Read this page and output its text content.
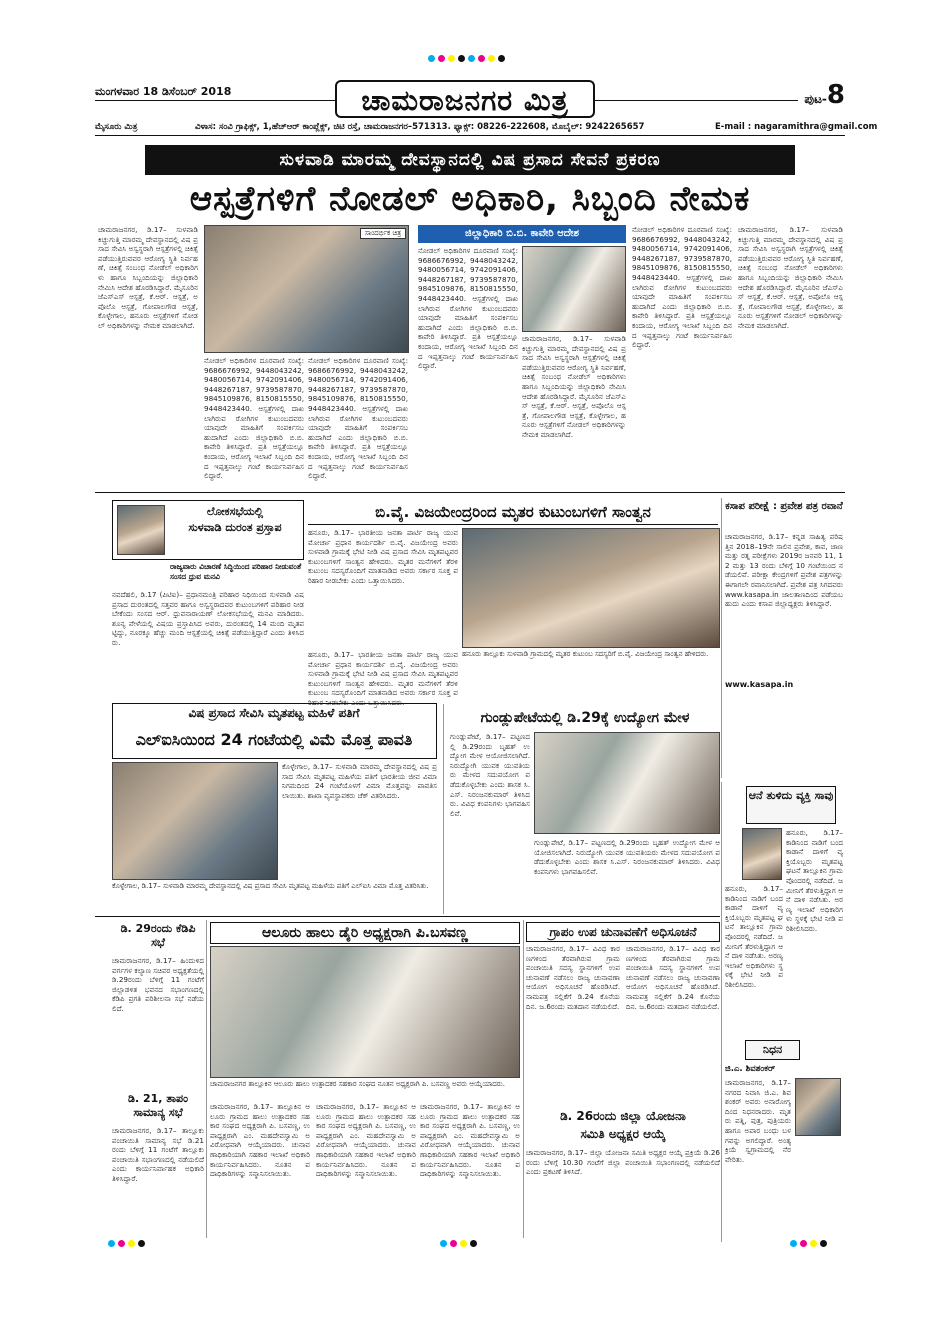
ಮಂಗಳವಾರ 18 ಡಿಸೆಂಬರ್ 2018	ಚಾಮರಾಜನಗರ ಮಿತ್ರ	ಪುಟ-8
ಮೈಸೂರು ಮಿತ್ರ	ವಿಳಾಸ: ಸಂವಿ ಗ್ರಾಫಿಕ್ಸ್, 1,ಹೆಚ್‌ಆರ್ ಕಾಂಪ್ಲೆಕ್ಸ್, ಚಿಟಿ ರಸ್ತೆ, ಚಾಮರಾಜನಗರ–571313. ಫ್ಯಾಕ್ಸ್: 08226-222608, ಮೊಬೈಲ್: 9242265657	E-mail : nagaramithra@gmail.com
ಸುಳವಾಡಿ ಮಾರಮ್ಮ ದೇವಸ್ಥಾನದಲ್ಲಿ ವಿಷ ಪ್ರಸಾದ ಸೇವನೆ ಪ್ರಕರಣ
ಆಸ್ಪತ್ರೆಗಳಿಗೆ ನೋಡಲ್ ಅಧಿಕಾರಿ, ಸಿಬ್ಬಂದಿ ನೇಮಕ
ಚಾಮರಾಜನಗರ, ಡಿ.17– ಸುಳವಾಡಿ ಕಿಚ್ಚುಗುತ್ತಿ ಮಾರಮ್ಮ ದೇವಸ್ಥಾನದಲ್ಲಿ ವಿಷ ಪ್ರಸಾದ ಸೇವಿಸಿ ಅಸ್ವಸ್ಥರಾಗಿ ಆಸ್ಪತ್ರೆಗಳಲ್ಲಿ ಚಿಕಿತ್ಸೆ ಪಡೆಯುತ್ತಿರುವವರ ಆರೋಗ್ಯ ಸ್ಥಿತಿ ನಿರ್ವಹಣೆ, ಚಿಕಿತ್ಸೆ ಸಂಬಂಧ ನೋಡೆಲ್ ಅಧಿಕಾರಿಗಳು ಹಾಗೂ ಸಿಬ್ಬಂದಿಯನ್ನು ಜಿಲ್ಲಾಧಿಕಾರಿ ನೇಮಿಸಿ ಆದೇಶ ಹೊರಡಿಸಿದ್ದಾರೆ. ಮೈಸೂರಿನ ಜೆಎಸ್‌ಎಸ್ ಆಸ್ಪತ್ರೆ, ಕೆ.ಆರ್. ಆಸ್ಪತ್ರೆ, ಅಪೊಲೊ ಆಸ್ಪತ್ರೆ, ಗೋಪಾಲಗೌಡ ಆಸ್ಪತ್ರೆ, ಕೊಳ್ಳೇಗಾಲ, ಹನೂರು ಆಸ್ಪತ್ರೆಗಳಿಗೆ ನೋಡಲ್ ಅಧಿಕಾರಿಗಳನ್ನು ನೇಮಕ ಮಾಡಲಾಗಿದೆ.
ಸಾಂದರ್ಭಿಕ ಚಿತ್ರ
ನೋಡಲ್ ಅಧಿಕಾರಿಗಳ ದೂರವಾಣಿ ಸಂಖ್ಯೆ: 9686676992, 9448043242, 9480056714, 9742091406, 9448267187, 9739587870, 9845109876, 8150815550, 9448423440. ಆಸ್ಪತ್ರೆಗಳಲ್ಲಿ ದಾಖಲಾಗಿರುವ ರೋಗಿಗಳ ಕುಟುಂಬದವರು ಯಾವುದೇ ಮಾಹಿತಿಗೆ ಸಂಪರ್ಕಿಸಬಹುದಾಗಿದೆ ಎಂದು ಜಿಲ್ಲಾಧಿಕಾರಿ ಬಿ.ಬಿ. ಕಾವೇರಿ ತಿಳಿಸಿದ್ದಾರೆ. ಪ್ರತಿ ಆಸ್ಪತ್ರೆಯಲ್ಲೂ ಕಂದಾಯ, ಆರೋಗ್ಯ ಇಲಾಖೆ ಸಿಬ್ಬಂದಿ ದಿನದ ಇಪ್ಪತ್ತನಾಲ್ಕು ಗಂಟೆ ಕಾರ್ಯನಿರ್ವಹಿಸಲಿದ್ದಾರೆ.
ನೋಡಲ್ ಅಧಿಕಾರಿಗಳ ದೂರವಾಣಿ ಸಂಖ್ಯೆ: 9686676992, 9448043242, 9480056714, 9742091406, 9448267187, 9739587870, 9845109876, 8150815550, 9448423440. ಆಸ್ಪತ್ರೆಗಳಲ್ಲಿ ದಾಖಲಾಗಿರುವ ರೋಗಿಗಳ ಕುಟುಂಬದವರು ಯಾವುದೇ ಮಾಹಿತಿಗೆ ಸಂಪರ್ಕಿಸಬಹುದಾಗಿದೆ ಎಂದು ಜಿಲ್ಲಾಧಿಕಾರಿ ಬಿ.ಬಿ. ಕಾವೇರಿ ತಿಳಿಸಿದ್ದಾರೆ. ಪ್ರತಿ ಆಸ್ಪತ್ರೆಯಲ್ಲೂ ಕಂದಾಯ, ಆರೋಗ್ಯ ಇಲಾಖೆ ಸಿಬ್ಬಂದಿ ದಿನದ ಇಪ್ಪತ್ತನಾಲ್ಕು ಗಂಟೆ ಕಾರ್ಯನಿರ್ವಹಿಸಲಿದ್ದಾರೆ.
ಜಿಲ್ಲಾಧಿಕಾರಿ ಬಿ.ಬಿ. ಕಾವೇರಿ ಆದೇಶ
ನೋಡಲ್ ಅಧಿಕಾರಿಗಳ ದೂರವಾಣಿ ಸಂಖ್ಯೆ: 9686676992, 9448043242, 9480056714, 9742091406, 9448267187, 9739587870, 9845109876, 8150815550, 9448423440. ಆಸ್ಪತ್ರೆಗಳಲ್ಲಿ ದಾಖಲಾಗಿರುವ ರೋಗಿಗಳ ಕುಟುಂಬದವರು ಯಾವುದೇ ಮಾಹಿತಿಗೆ ಸಂಪರ್ಕಿಸಬಹುದಾಗಿದೆ ಎಂದು ಜಿಲ್ಲಾಧಿಕಾರಿ ಬಿ.ಬಿ. ಕಾವೇರಿ ತಿಳಿಸಿದ್ದಾರೆ. ಪ್ರತಿ ಆಸ್ಪತ್ರೆಯಲ್ಲೂ ಕಂದಾಯ, ಆರೋಗ್ಯ ಇಲಾಖೆ ಸಿಬ್ಬಂದಿ ದಿನದ ಇಪ್ಪತ್ತನಾಲ್ಕು ಗಂಟೆ ಕಾರ್ಯನಿರ್ವಹಿಸಲಿದ್ದಾರೆ.
ಚಾಮರಾಜನಗರ, ಡಿ.17– ಸುಳವಾಡಿ ಕಿಚ್ಚುಗುತ್ತಿ ಮಾರಮ್ಮ ದೇವಸ್ಥಾನದಲ್ಲಿ ವಿಷ ಪ್ರಸಾದ ಸೇವಿಸಿ ಅಸ್ವಸ್ಥರಾಗಿ ಆಸ್ಪತ್ರೆಗಳಲ್ಲಿ ಚಿಕಿತ್ಸೆ ಪಡೆಯುತ್ತಿರುವವರ ಆರೋಗ್ಯ ಸ್ಥಿತಿ ನಿರ್ವಹಣೆ, ಚಿಕಿತ್ಸೆ ಸಂಬಂಧ ನೋಡೆಲ್ ಅಧಿಕಾರಿಗಳು ಹಾಗೂ ಸಿಬ್ಬಂದಿಯನ್ನು ಜಿಲ್ಲಾಧಿಕಾರಿ ನೇಮಿಸಿ ಆದೇಶ ಹೊರಡಿಸಿದ್ದಾರೆ. ಮೈಸೂರಿನ ಜೆಎಸ್‌ಎಸ್ ಆಸ್ಪತ್ರೆ, ಕೆ.ಆರ್. ಆಸ್ಪತ್ರೆ, ಅಪೊಲೊ ಆಸ್ಪತ್ರೆ, ಗೋಪಾಲಗೌಡ ಆಸ್ಪತ್ರೆ, ಕೊಳ್ಳೇಗಾಲ, ಹನೂರು ಆಸ್ಪತ್ರೆಗಳಿಗೆ ನೋಡಲ್ ಅಧಿಕಾರಿಗಳನ್ನು ನೇಮಕ ಮಾಡಲಾಗಿದೆ.
ನೋಡಲ್ ಅಧಿಕಾರಿಗಳ ದೂರವಾಣಿ ಸಂಖ್ಯೆ: 9686676992, 9448043242, 9480056714, 9742091406, 9448267187, 9739587870, 9845109876, 8150815550, 9448423440. ಆಸ್ಪತ್ರೆಗಳಲ್ಲಿ ದಾಖಲಾಗಿರುವ ರೋಗಿಗಳ ಕುಟುಂಬದವರು ಯಾವುದೇ ಮಾಹಿತಿಗೆ ಸಂಪರ್ಕಿಸಬಹುದಾಗಿದೆ ಎಂದು ಜಿಲ್ಲಾಧಿಕಾರಿ ಬಿ.ಬಿ. ಕಾವೇರಿ ತಿಳಿಸಿದ್ದಾರೆ. ಪ್ರತಿ ಆಸ್ಪತ್ರೆಯಲ್ಲೂ ಕಂದಾಯ, ಆರೋಗ್ಯ ಇಲಾಖೆ ಸಿಬ್ಬಂದಿ ದಿನದ ಇಪ್ಪತ್ತನಾಲ್ಕು ಗಂಟೆ ಕಾರ್ಯನಿರ್ವಹಿಸಲಿದ್ದಾರೆ.
ಚಾಮರಾಜನಗರ, ಡಿ.17– ಸುಳವಾಡಿ ಕಿಚ್ಚುಗುತ್ತಿ ಮಾರಮ್ಮ ದೇವಸ್ಥಾನದಲ್ಲಿ ವಿಷ ಪ್ರಸಾದ ಸೇವಿಸಿ ಅಸ್ವಸ್ಥರಾಗಿ ಆಸ್ಪತ್ರೆಗಳಲ್ಲಿ ಚಿಕಿತ್ಸೆ ಪಡೆಯುತ್ತಿರುವವರ ಆರೋಗ್ಯ ಸ್ಥಿತಿ ನಿರ್ವಹಣೆ, ಚಿಕಿತ್ಸೆ ಸಂಬಂಧ ನೋಡೆಲ್ ಅಧಿಕಾರಿಗಳು ಹಾಗೂ ಸಿಬ್ಬಂದಿಯನ್ನು ಜಿಲ್ಲಾಧಿಕಾರಿ ನೇಮಿಸಿ ಆದೇಶ ಹೊರಡಿಸಿದ್ದಾರೆ. ಮೈಸೂರಿನ ಜೆಎಸ್‌ಎಸ್ ಆಸ್ಪತ್ರೆ, ಕೆ.ಆರ್. ಆಸ್ಪತ್ರೆ, ಅಪೊಲೊ ಆಸ್ಪತ್ರೆ, ಗೋಪಾಲಗೌಡ ಆಸ್ಪತ್ರೆ, ಕೊಳ್ಳೇಗಾಲ, ಹನೂರು ಆಸ್ಪತ್ರೆಗಳಿಗೆ ನೋಡಲ್ ಅಧಿಕಾರಿಗಳನ್ನು ನೇಮಕ ಮಾಡಲಾಗಿದೆ.
ಲೋಕಸಭೆಯಲ್ಲಿ
ಸುಳವಾಡಿ ದುರಂತ ಪ್ರಸ್ತಾಪ
ರಾಜ್ಯವಾರು ವಿಚಾರಣೆ ಸಿದ್ಧಿಯಿಂದ ಪರಿಹಾರ ನೀಡುವಂತೆ ಸಂಸದ ಧ್ರುವ ಮನವಿ
ನವದೆಹಲಿ, ಡಿ.17 (ಪಿಟಿಐ)– ಪ್ರಧಾನಮಂತ್ರಿ ಪರಿಹಾರ ನಿಧಿಯಿಂದ ಸುಳವಾಡಿ ವಿಷ ಪ್ರಸಾದ ದುರಂತದಲ್ಲಿ ಸತ್ತವರ ಹಾಗೂ ಅಸ್ವಸ್ಥರಾದವರ ಕುಟುಂಬಗಳಿಗೆ ಪರಿಹಾರ ನೀಡಬೇಕೆಂದು ಸಂಸದ ಆರ್. ಧ್ರುವನಾರಾಯಣ್ ಲೋಕಸಭೆಯಲ್ಲಿ ಮನವಿ ಮಾಡಿದರು. ಶೂನ್ಯ ವೇಳೆಯಲ್ಲಿ ವಿಷಯ ಪ್ರಸ್ತಾಪಿಸಿದ ಅವರು, ದುರಂತದಲ್ಲಿ 14 ಮಂದಿ ಮೃತಪಟ್ಟಿದ್ದು, ನೂರಕ್ಕೂ ಹೆಚ್ಚು ಮಂದಿ ಆಸ್ಪತ್ರೆಯಲ್ಲಿ ಚಿಕಿತ್ಸೆ ಪಡೆಯುತ್ತಿದ್ದಾರೆ ಎಂದು ತಿಳಿಸಿದರು.
ಬಿ.ವೈ. ವಿಜಯೇಂದ್ರರಿಂದ ಮೃತರ ಕುಟುಂಬಗಳಿಗೆ ಸಾಂತ್ವನ
ಹನೂರು, ಡಿ.17– ಭಾರತೀಯ ಜನತಾ ಪಾರ್ಟಿ ರಾಜ್ಯ ಯುವ ಮೋರ್ಚಾ ಪ್ರಧಾನ ಕಾರ್ಯದರ್ಶಿ ಬಿ.ವೈ. ವಿಜಯೇಂದ್ರ ಅವರು ಸುಳವಾಡಿ ಗ್ರಾಮಕ್ಕೆ ಭೇಟಿ ನೀಡಿ ವಿಷ ಪ್ರಸಾದ ಸೇವಿಸಿ ಮೃತಪಟ್ಟವರ ಕುಟುಂಬಗಳಿಗೆ ಸಾಂತ್ವನ ಹೇಳಿದರು. ಮೃತರ ಮನೆಗಳಿಗೆ ತೆರಳಿ ಕುಟುಂಬ ಸದಸ್ಯರೊಂದಿಗೆ ಮಾತನಾಡಿದ ಅವರು ಸರ್ಕಾರ ಸೂಕ್ತ ಪರಿಹಾರ ನೀಡಬೇಕು ಎಂದು ಒತ್ತಾಯಿಸಿದರು.
ಹನೂರು, ಡಿ.17– ಭಾರತೀಯ ಜನತಾ ಪಾರ್ಟಿ ರಾಜ್ಯ ಯುವ ಮೋರ್ಚಾ ಪ್ರಧಾನ ಕಾರ್ಯದರ್ಶಿ ಬಿ.ವೈ. ವಿಜಯೇಂದ್ರ ಅವರು ಸುಳವಾಡಿ ಗ್ರಾಮಕ್ಕೆ ಭೇಟಿ ನೀಡಿ ವಿಷ ಪ್ರಸಾದ ಸೇವಿಸಿ ಮೃತಪಟ್ಟವರ ಕುಟುಂಬಗಳಿಗೆ ಸಾಂತ್ವನ ಹೇಳಿದರು. ಮೃತರ ಮನೆಗಳಿಗೆ ತೆರಳಿ ಕುಟುಂಬ ಸದಸ್ಯರೊಂದಿಗೆ ಮಾತನಾಡಿದ ಅವರು ಸರ್ಕಾರ ಸೂಕ್ತ ಪರಿಹಾರ ನೀಡಬೇಕು ಎಂದು ಒತ್ತಾಯಿಸಿದರು.
ಹನೂರು ತಾಲ್ಲೂಕು ಸುಳವಾಡಿ ಗ್ರಾಮದಲ್ಲಿ ಮೃತರ ಕುಟುಂಬ ಸದಸ್ಯರಿಗೆ ಬಿ.ವೈ. ವಿಜಯೇಂದ್ರ ಸಾಂತ್ವನ ಹೇಳಿದರು.
ಕಸಾಪ ಪರೀಕ್ಷೆ : ಪ್ರವೇಶ ಪತ್ರ ರವಾನೆ
ಚಾಮರಾಜನಗರ, ಡಿ.17– ಕನ್ನಡ ಸಾಹಿತ್ಯ ಪರಿಷತ್ತಿನ 2018–19ನೇ ಸಾಲಿನ ಪ್ರವೇಶ, ಕಾವ, ಜಾಣ ಮತ್ತು ರತ್ನ ಪರೀಕ್ಷೆಗಳು 2019ರ ಜನವರಿ 11, 12 ಮತ್ತು 13 ರಂದು ಬೆಳಿಗ್ಗೆ 10 ಗಂಟೆಯಿಂದ ನಡೆಯಲಿವೆ. ಪರೀಕ್ಷಾ ಕೇಂದ್ರಗಳಿಗೆ ಪ್ರವೇಶ ಪತ್ರಗಳನ್ನು ಈಗಾಗಲೇ ರವಾನಿಸಲಾಗಿದೆ. ಪ್ರವೇಶ ಪತ್ರ ಸಿಗದವರು www.kasapa.in ಜಾಲತಾಣದಿಂದ ಪಡೆಯಬಹುದು ಎಂದು ಕಸಾಪ ಜಿಲ್ಲಾಧ್ಯಕ್ಷರು ತಿಳಿಸಿದ್ದಾರೆ.
www.kasapa.in
ವಿಷ ಪ್ರಸಾದ ಸೇವಿಸಿ ಮೃತಪಟ್ಟ ಮಹಿಳೆ ಪತಿಗೆ
ಎಲ್‌ಐಸಿಯಿಂದ 24 ಗಂಟೆಯಲ್ಲಿ ವಿಮೆ ಮೊತ್ತ ಪಾವತಿ
ಕೊಳ್ಳೇಗಾಲ, ಡಿ.17– ಸುಳವಾಡಿ ಮಾರಮ್ಮ ದೇವಸ್ಥಾನದಲ್ಲಿ ವಿಷ ಪ್ರಸಾದ ಸೇವಿಸಿ ಮೃತಪಟ್ಟ ಮಹಿಳೆಯ ಪತಿಗೆ ಭಾರತೀಯ ಜೀವ ವಿಮಾ ನಿಗಮದಿಂದ 24 ಗಂಟೆಯೊಳಗೆ ವಿಮಾ ಮೊತ್ತವನ್ನು ಪಾವತಿಸಲಾಯಿತು. ಶಾಖಾ ವ್ಯವಸ್ಥಾಪಕರು ಚೆಕ್ ವಿತರಿಸಿದರು.
ಕೊಳ್ಳೇಗಾಲ, ಡಿ.17– ಸುಳವಾಡಿ ಮಾರಮ್ಮ ದೇವಸ್ಥಾನದಲ್ಲಿ ವಿಷ ಪ್ರಸಾದ ಸೇವಿಸಿ ಮೃತಪಟ್ಟ ಮಹಿಳೆಯ ಪತಿಗೆ ಎಲ್‌ಐಸಿ ವಿಮಾ ಮೊತ್ತ ವಿತರಿಸಿತು.
ಗುಂಡ್ಲುಪೇಟೆಯಲ್ಲಿ ಡಿ.29ಕ್ಕೆ ಉದ್ಯೋಗ ಮೇಳ
ಗುಂಡ್ಲುಪೇಟೆ, ಡಿ.17– ಪಟ್ಟಣದಲ್ಲಿ ಡಿ.29ರಂದು ಬೃಹತ್ ಉದ್ಯೋಗ ಮೇಳ ಆಯೋಜಿಸಲಾಗಿದೆ. ನಿರುದ್ಯೋಗಿ ಯುವಕ ಯುವತಿಯರು ಮೇಳದ ಸದುಪಯೋಗ ಪಡೆದುಕೊಳ್ಳಬೇಕು ಎಂದು ಶಾಸಕ ಸಿ.ಎಸ್. ನಿರಂಜನಕುಮಾರ್ ತಿಳಿಸಿದರು. ವಿವಿಧ ಕಂಪನಿಗಳು ಭಾಗವಹಿಸಲಿವೆ.
ಗುಂಡ್ಲುಪೇಟೆ, ಡಿ.17– ಪಟ್ಟಣದಲ್ಲಿ ಡಿ.29ರಂದು ಬೃಹತ್ ಉದ್ಯೋಗ ಮೇಳ ಆಯೋಜಿಸಲಾಗಿದೆ. ನಿರುದ್ಯೋಗಿ ಯುವಕ ಯುವತಿಯರು ಮೇಳದ ಸದುಪಯೋಗ ಪಡೆದುಕೊಳ್ಳಬೇಕು ಎಂದು ಶಾಸಕ ಸಿ.ಎಸ್. ನಿರಂಜನಕುಮಾರ್ ತಿಳಿಸಿದರು. ವಿವಿಧ ಕಂಪನಿಗಳು ಭಾಗವಹಿಸಲಿವೆ.
ಆನೆ ತುಳಿದು ವ್ಯಕ್ತಿ ಸಾವು
ಹನೂರು, ಡಿ.17– ಕಾಡಿನಿಂದ ನಾಡಿಗೆ ಬಂದ ಕಾಡಾನೆ ದಾಳಿಗೆ ವ್ಯಕ್ತಿಯೊಬ್ಬರು ಮೃತಪಟ್ಟ ಘಟನೆ ತಾಲ್ಲೂಕಿನ ಗ್ರಾಮವೊಂದರಲ್ಲಿ ನಡೆದಿದೆ. ಜಮೀನಿಗೆ ತೆರಳುತ್ತಿದ್ದಾಗ ಆನೆ ದಾಳಿ ನಡೆಸಿತು. ಅರಣ್ಯ ಇಲಾಖೆ ಅಧಿಕಾರಿಗಳು ಸ್ಥಳಕ್ಕೆ ಭೇಟಿ ನೀಡಿ ಪರಿಶೀಲಿಸಿದರು.
ಹನೂರು, ಡಿ.17– ಕಾಡಿನಿಂದ ನಾಡಿಗೆ ಬಂದ ಕಾಡಾನೆ ದಾಳಿಗೆ ವ್ಯಕ್ತಿಯೊಬ್ಬರು ಮೃತಪಟ್ಟ ಘಟನೆ ತಾಲ್ಲೂಕಿನ ಗ್ರಾಮವೊಂದರಲ್ಲಿ ನಡೆದಿದೆ. ಜಮೀನಿಗೆ ತೆರಳುತ್ತಿದ್ದಾಗ ಆನೆ ದಾಳಿ ನಡೆಸಿತು. ಅರಣ್ಯ ಇಲಾಖೆ ಅಧಿಕಾರಿಗಳು ಸ್ಥಳಕ್ಕೆ ಭೇಟಿ ನೀಡಿ ಪರಿಶೀಲಿಸಿದರು.
ನಿಧನ
ಜಿ.ಎ. ಶಿವಶಂಕರ್
ಚಾಮರಾಜನಗರ, ಡಿ.17– ನಗರದ ನಿವಾಸಿ ಜಿ.ಎ. ಶಿವಶಂಕರ್ ಅವರು ಅನಾರೋಗ್ಯದಿಂದ ನಿಧನರಾದರು. ಮೃತರು ಪತ್ನಿ, ಪುತ್ರ, ಪುತ್ರಿಯರು ಹಾಗೂ ಅಪಾರ ಬಂಧು ಬಳಗವನ್ನು ಅಗಲಿದ್ದಾರೆ. ಅಂತ್ಯಕ್ರಿಯೆ ಸ್ವಗ್ರಾಮದಲ್ಲಿ ನೆರವೇರಿತು.
ಡಿ. 29ರಂದು ಕೆಡಿಪಿ ಸಭೆ
ಚಾಮರಾಜನಗರ, ಡಿ.17– ಹಿಂದುಳಿದ ವರ್ಗಗಳ ಕಲ್ಯಾಣ ಸಚಿವರ ಅಧ್ಯಕ್ಷತೆಯಲ್ಲಿ ಡಿ.29ರಂದು ಬೆಳಿಗ್ಗೆ 11 ಗಂಟೆಗೆ ಜಿಲ್ಲಾಡಳಿತ ಭವನದ ಸಭಾಂಗಣದಲ್ಲಿ ಕೆಡಿಪಿ ಪ್ರಗತಿ ಪರಿಶೀಲನಾ ಸಭೆ ನಡೆಯಲಿದೆ.
ಡಿ. 21, ತಾಪಂ ಸಾಮಾನ್ಯ ಸಭೆ
ಚಾಮರಾಜನಗರ, ಡಿ.17– ತಾಲ್ಲೂಕು ಪಂಚಾಯಿತಿ ಸಾಮಾನ್ಯ ಸಭೆ ಡಿ.21ರಂದು ಬೆಳಿಗ್ಗೆ 11 ಗಂಟೆಗೆ ತಾಲ್ಲೂಕು ಪಂಚಾಯಿತಿ ಸಭಾಂಗಣದಲ್ಲಿ ನಡೆಯಲಿದೆ ಎಂದು ಕಾರ್ಯನಿರ್ವಾಹಕ ಅಧಿಕಾರಿ ತಿಳಿಸಿದ್ದಾರೆ.
ಆಲೂರು ಹಾಲು ಡೈರಿ ಅಧ್ಯಕ್ಷರಾಗಿ ಪಿ.ಬಸವಣ್ಣ
ಚಾಮರಾಜನಗರ ತಾಲ್ಲೂಕಿನ ಆಲೂರು ಹಾಲು ಉತ್ಪಾದಕರ ಸಹಕಾರ ಸಂಘದ ನೂತನ ಅಧ್ಯಕ್ಷರಾಗಿ ಪಿ. ಬಸವಣ್ಣ ಅವರು ಆಯ್ಕೆಯಾದರು.
ಚಾಮರಾಜನಗರ, ಡಿ.17– ತಾಲ್ಲೂಕಿನ ಆಲೂರು ಗ್ರಾಮದ ಹಾಲು ಉತ್ಪಾದಕರ ಸಹಕಾರ ಸಂಘದ ಅಧ್ಯಕ್ಷರಾಗಿ ಪಿ. ಬಸವಣ್ಣ, ಉಪಾಧ್ಯಕ್ಷರಾಗಿ ಎಂ. ಮಹದೇವಸ್ವಾಮಿ ಅವಿರೋಧವಾಗಿ ಆಯ್ಕೆಯಾದರು. ಚುನಾವಣಾಧಿಕಾರಿಯಾಗಿ ಸಹಕಾರ ಇಲಾಖೆ ಅಧಿಕಾರಿ ಕಾರ್ಯನಿರ್ವಹಿಸಿದರು. ನೂತನ ಪದಾಧಿಕಾರಿಗಳನ್ನು ಸನ್ಮಾನಿಸಲಾಯಿತು.
ಚಾಮರಾಜನಗರ, ಡಿ.17– ತಾಲ್ಲೂಕಿನ ಆಲೂರು ಗ್ರಾಮದ ಹಾಲು ಉತ್ಪಾದಕರ ಸಹಕಾರ ಸಂಘದ ಅಧ್ಯಕ್ಷರಾಗಿ ಪಿ. ಬಸವಣ್ಣ, ಉಪಾಧ್ಯಕ್ಷರಾಗಿ ಎಂ. ಮಹದೇವಸ್ವಾಮಿ ಅವಿರೋಧವಾಗಿ ಆಯ್ಕೆಯಾದರು. ಚುನಾವಣಾಧಿಕಾರಿಯಾಗಿ ಸಹಕಾರ ಇಲಾಖೆ ಅಧಿಕಾರಿ ಕಾರ್ಯನಿರ್ವಹಿಸಿದರು. ನೂತನ ಪದಾಧಿಕಾರಿಗಳನ್ನು ಸನ್ಮಾನಿಸಲಾಯಿತು.
ಚಾಮರಾಜನಗರ, ಡಿ.17– ತಾಲ್ಲೂಕಿನ ಆಲೂರು ಗ್ರಾಮದ ಹಾಲು ಉತ್ಪಾದಕರ ಸಹಕಾರ ಸಂಘದ ಅಧ್ಯಕ್ಷರಾಗಿ ಪಿ. ಬಸವಣ್ಣ, ಉಪಾಧ್ಯಕ್ಷರಾಗಿ ಎಂ. ಮಹದೇವಸ್ವಾಮಿ ಅವಿರೋಧವಾಗಿ ಆಯ್ಕೆಯಾದರು. ಚುನಾವಣಾಧಿಕಾರಿಯಾಗಿ ಸಹಕಾರ ಇಲಾಖೆ ಅಧಿಕಾರಿ ಕಾರ್ಯನಿರ್ವಹಿಸಿದರು. ನೂತನ ಪದಾಧಿಕಾರಿಗಳನ್ನು ಸನ್ಮಾನಿಸಲಾಯಿತು.
ಗ್ರಾಪಂ ಉಪ ಚುನಾವಣೆಗೆ ಅಧಿಸೂಚನೆ
ಚಾಮರಾಜನಗರ, ಡಿ.17– ವಿವಿಧ ಕಾರಣಗಳಿಂದ ತೆರವಾಗಿರುವ ಗ್ರಾಮ ಪಂಚಾಯಿತಿ ಸದಸ್ಯ ಸ್ಥಾನಗಳಿಗೆ ಉಪ ಚುನಾವಣೆ ನಡೆಸಲು ರಾಜ್ಯ ಚುನಾವಣಾ ಆಯೋಗ ಅಧಿಸೂಚನೆ ಹೊರಡಿಸಿದೆ. ನಾಮಪತ್ರ ಸಲ್ಲಿಕೆಗೆ ಡಿ.24 ಕೊನೆಯ ದಿನ. ಜ.6ರಂದು ಮತದಾನ ನಡೆಯಲಿದೆ.
ಚಾಮರಾಜನಗರ, ಡಿ.17– ವಿವಿಧ ಕಾರಣಗಳಿಂದ ತೆರವಾಗಿರುವ ಗ್ರಾಮ ಪಂಚಾಯಿತಿ ಸದಸ್ಯ ಸ್ಥಾನಗಳಿಗೆ ಉಪ ಚುನಾವಣೆ ನಡೆಸಲು ರಾಜ್ಯ ಚುನಾವಣಾ ಆಯೋಗ ಅಧಿಸೂಚನೆ ಹೊರಡಿಸಿದೆ. ನಾಮಪತ್ರ ಸಲ್ಲಿಕೆಗೆ ಡಿ.24 ಕೊನೆಯ ದಿನ. ಜ.6ರಂದು ಮತದಾನ ನಡೆಯಲಿದೆ.
ಡಿ. 26ರಂದು ಜಿಲ್ಲಾ ಯೋಜನಾ
ಸಮಿತಿ ಅಧ್ಯಕ್ಷರ ಆಯ್ಕೆ
ಚಾಮರಾಜನಗರ, ಡಿ.17– ಜಿಲ್ಲಾ ಯೋಜನಾ ಸಮಿತಿ ಅಧ್ಯಕ್ಷರ ಆಯ್ಕೆ ಪ್ರಕ್ರಿಯೆ ಡಿ.26ರಂದು ಬೆಳಿಗ್ಗೆ 10.30 ಗಂಟೆಗೆ ಜಿಲ್ಲಾ ಪಂಚಾಯಿತಿ ಸಭಾಂಗಣದಲ್ಲಿ ನಡೆಯಲಿದೆ ಎಂದು ಪ್ರಕಟಣೆ ತಿಳಿಸಿದೆ.
